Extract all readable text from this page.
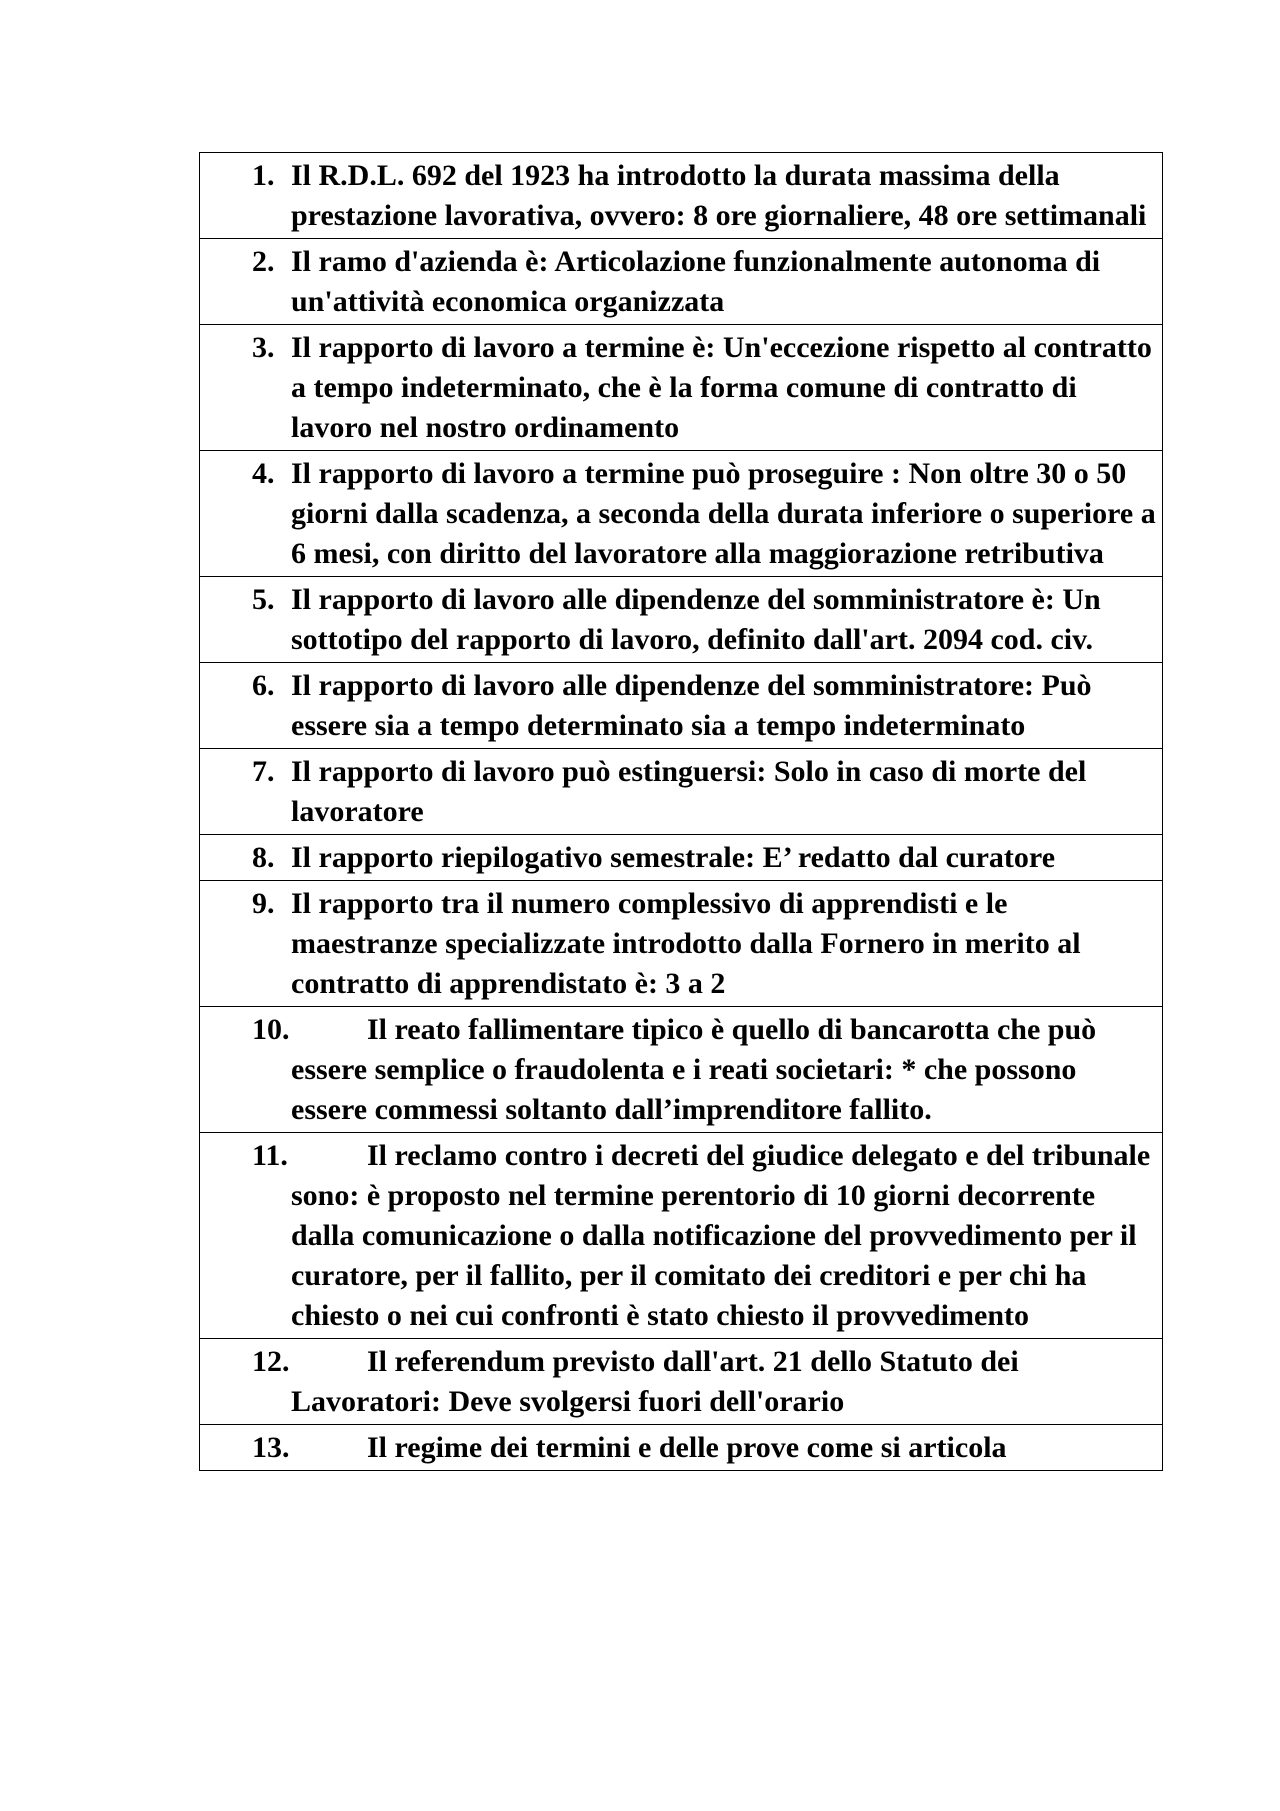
1. Il R.D.L. 692 del 1923 ha introdotto la durata massima della prestazione lavorativa, ovvero: 8 ore giornaliere, 48 ore settimanali

2. Il ramo d'azienda è: Articolazione funzionalmente autonoma di un'attività economica organizzata

3. Il rapporto di lavoro a termine è: Un'eccezione rispetto al contratto a tempo indeterminato, che è la forma comune di contratto di lavoro nel nostro ordinamento

4. Il rapporto di lavoro a termine può proseguire : Non oltre 30 o 50 giorni dalla scadenza, a seconda della durata inferiore o superiore a 6 mesi, con diritto del lavoratore alla maggiorazione retributiva

5. Il rapporto di lavoro alle dipendenze del somministratore è: Un sottotipo del rapporto di lavoro, definito dall'art. 2094 cod. civ.

6. Il rapporto di lavoro alle dipendenze del somministratore: Può essere sia a tempo determinato sia a tempo indeterminato

7. Il rapporto di lavoro può estinguersi: Solo in caso di morte del lavoratore

8. Il rapporto riepilogativo semestrale: E’ redatto dal curatore

9. Il rapporto tra il numero complessivo di apprendisti e le maestranze specializzate introdotto dalla Fornero in merito al contratto di apprendistato è: 3 a 2

10.	Il reato fallimentare tipico è quello di bancarotta che può essere semplice o fraudolenta e i reati societari: * che possono essere commessi soltanto dall’imprenditore fallito.

11.	Il reclamo contro i decreti del giudice delegato e del tribunale sono: è proposto nel termine perentorio di 10 giorni decorrente dalla comunicazione o dalla notificazione del provvedimento per il curatore, per il fallito, per il comitato dei creditori e per chi ha chiesto o nei cui confronti è stato chiesto il provvedimento

12.	Il referendum previsto dall'art. 21 dello Statuto dei Lavoratori: Deve svolgersi fuori dell'orario

13.	Il regime dei termini e delle prove come si articola
